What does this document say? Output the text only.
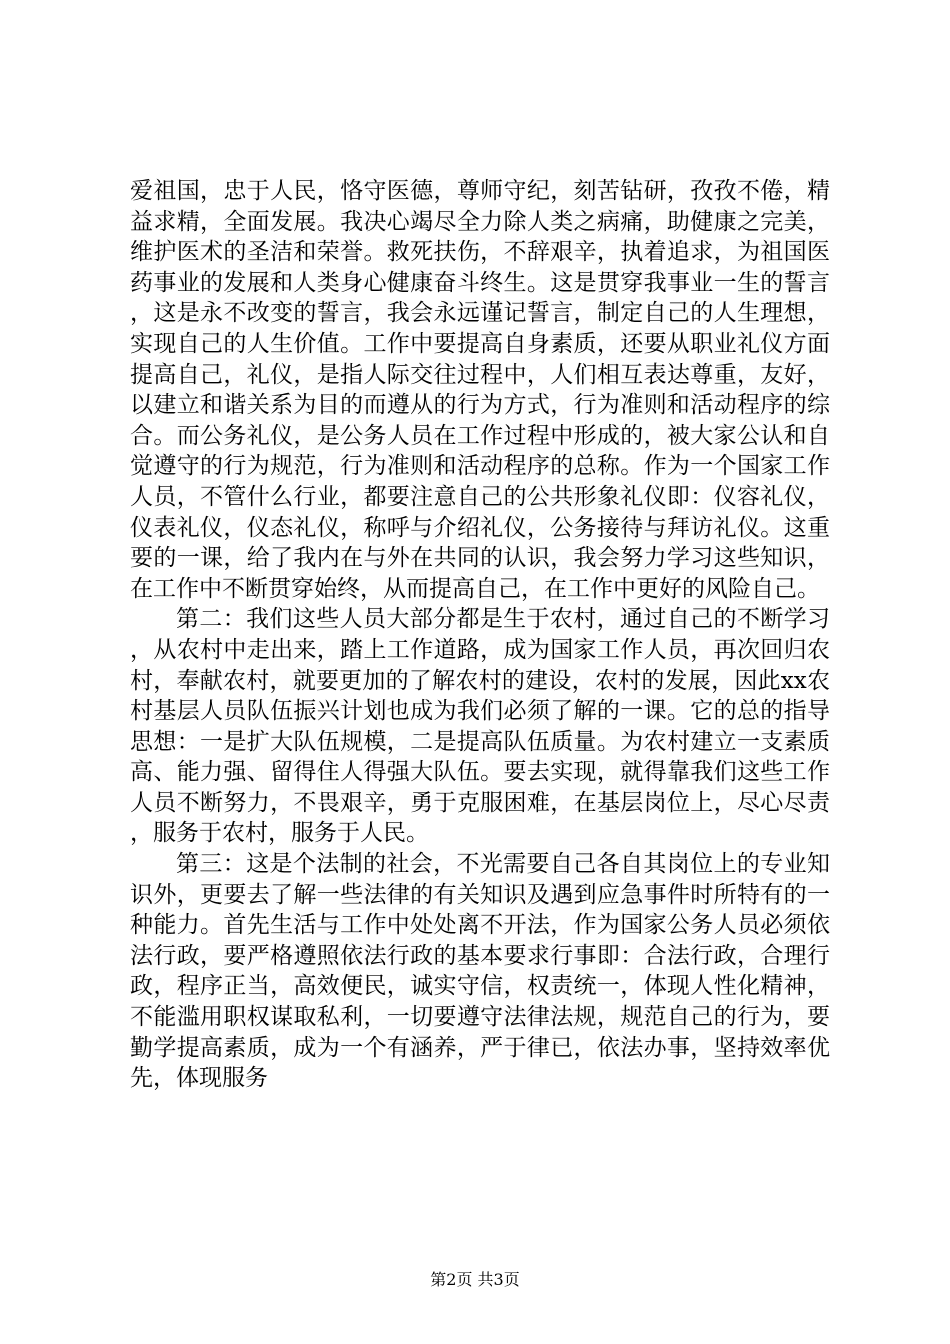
爱祖国，忠于人民，恪守医德，尊师守纪，刻苦钻研，孜孜不倦，精益求精，全面发展。我决心竭尽全力除人类之病痛，助健康之完美，维护医术的圣洁和荣誉。救死扶伤，不辞艰辛，执着追求，为祖国医药事业的发展和人类身心健康奋斗终生。这是贯穿我事业一生的誓言，这是永不改变的誓言，我会永远谨记誓言，制定自己的人生理想，实现自己的人生价值。工作中要提高自身素质，还要从职业礼仪方面提高自己，礼仪，是指人际交往过程中，人们相互表达尊重，友好，以建立和谐关系为目的而遵从的行为方式，行为准则和活动程序的综合。而公务礼仪，是公务人员在工作过程中形成的，被大家公认和自觉遵守的行为规范，行为准则和活动程序的总称。作为一个国家工作人员，不管什么行业，都要注意自己的公共形象礼仪即：仪容礼仪，仪表礼仪，仪态礼仪，称呼与介绍礼仪，公务接待与拜访礼仪。这重要的一课，给了我内在与外在共同的认识，我会努力学习这些知识，在工作中不断贯穿始终，从而提高自己，在工作中更好的风险自己。

第二：我们这些人员大部分都是生于农村，通过自己的不断学习，从农村中走出来，踏上工作道路，成为国家工作人员，再次回归农村，奉献农村，就要更加的了解农村的建设，农村的发展，因此xx农村基层人员队伍振兴计划也成为我们必须了解的一课。它的总的指导思想：一是扩大队伍规模，二是提高队伍质量。为农村建立一支素质高、能力强、留得住人得强大队伍。要去实现，就得靠我们这些工作人员不断努力，不畏艰辛，勇于克服困难，在基层岗位上，尽心尽责，服务于农村，服务于人民。

第三：这是个法制的社会，不光需要自己各自其岗位上的专业知识外，更要去了解一些法律的有关知识及遇到应急事件时所特有的一种能力。首先生活与工作中处处离不开法，作为国家公务人员必须依法行政，要严格遵照依法行政的基本要求行事即：合法行政，合理行政，程序正当，高效便民，诚实守信，权责统一，体现人性化精神，不能滥用职权谋取私利，一切要遵守法律法规，规范自己的行为，要勤学提高素质，成为一个有涵养，严于律已，依法办事，坚持效率优先，体现服务

第2页 共3页
